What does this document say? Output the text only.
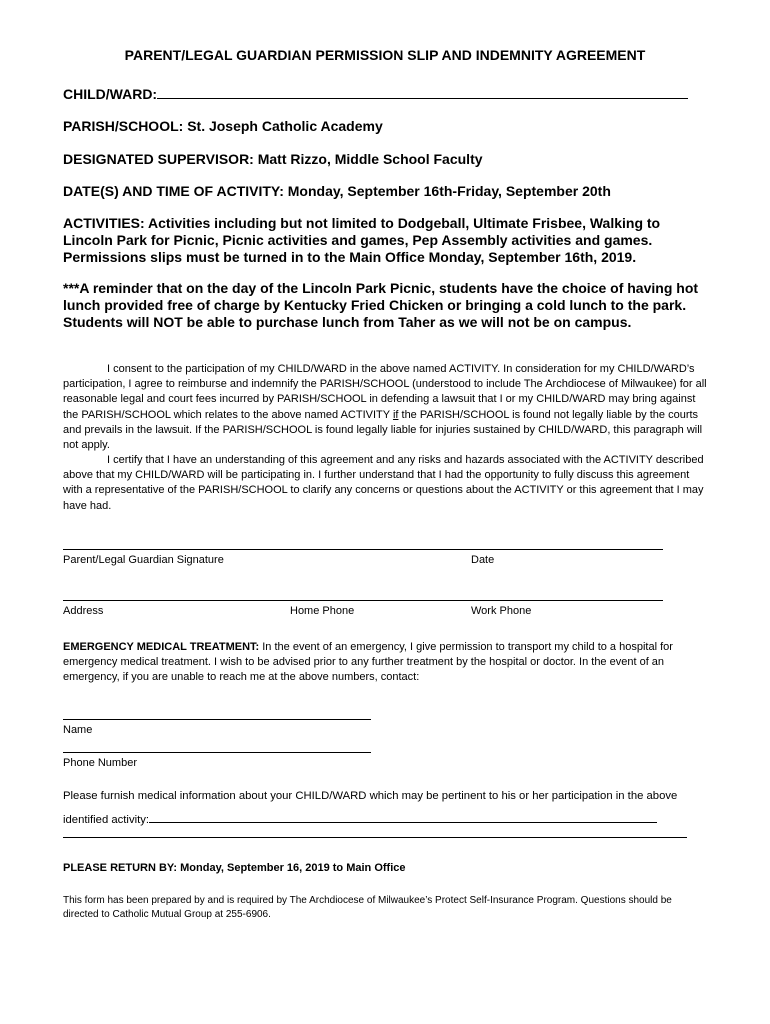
PARENT/LEGAL GUARDIAN PERMISSION SLIP AND INDEMNITY AGREEMENT
CHILD/WARD:
PARISH/SCHOOL: St. Joseph Catholic Academy
DESIGNATED SUPERVISOR: Matt Rizzo, Middle School Faculty
DATE(S) AND TIME OF ACTIVITY: Monday, September 16th-Friday, September 20th
ACTIVITIES: Activities including but not limited to Dodgeball, Ultimate Frisbee, Walking to Lincoln Park for Picnic, Picnic activities and games, Pep Assembly activities and games. Permissions slips must be turned in to the Main Office Monday, September 16th, 2019.
***A reminder that on the day of the Lincoln Park Picnic, students have the choice of having hot lunch provided free of charge by Kentucky Fried Chicken or bringing a cold lunch to the park. Students will NOT be able to purchase lunch from Taher as we will not be on campus.
I consent to the participation of my CHILD/WARD in the above named ACTIVITY. In consideration for my CHILD/WARD’s participation, I agree to reimburse and indemnify the PARISH/SCHOOL (understood to include The Archdiocese of Milwaukee) for all reasonable legal and court fees incurred by PARISH/SCHOOL in defending a lawsuit that I or my CHILD/WARD may bring against the PARISH/SCHOOL which relates to the above named ACTIVITY if the PARISH/SCHOOL is found not legally liable by the courts and prevails in the lawsuit. If the PARISH/SCHOOL is found legally liable for injuries sustained by CHILD/WARD, this paragraph will not apply.
I certify that I have an understanding of this agreement and any risks and hazards associated with the ACTIVITY described above that my CHILD/WARD will be participating in. I further understand that I had the opportunity to fully discuss this agreement with a representative of the PARISH/SCHOOL to clarify any concerns or questions about the ACTIVITY or this agreement that I may have had.
Parent/Legal Guardian Signature	Date
Address	Home Phone	Work Phone
EMERGENCY MEDICAL TREATMENT: In the event of an emergency, I give permission to transport my child to a hospital for emergency medical treatment. I wish to be advised prior to any further treatment by the hospital or doctor. In the event of an emergency, if you are unable to reach me at the above numbers, contact:
Name
Phone Number
Please furnish medical information about your CHILD/WARD which may be pertinent to his or her participation in the above
identified activity:
PLEASE RETURN BY: Monday, September 16, 2019 to Main Office
This form has been prepared by and is required by The Archdiocese of Milwaukee’s Protect Self-Insurance Program. Questions should be directed to Catholic Mutual Group at 255-6906.
